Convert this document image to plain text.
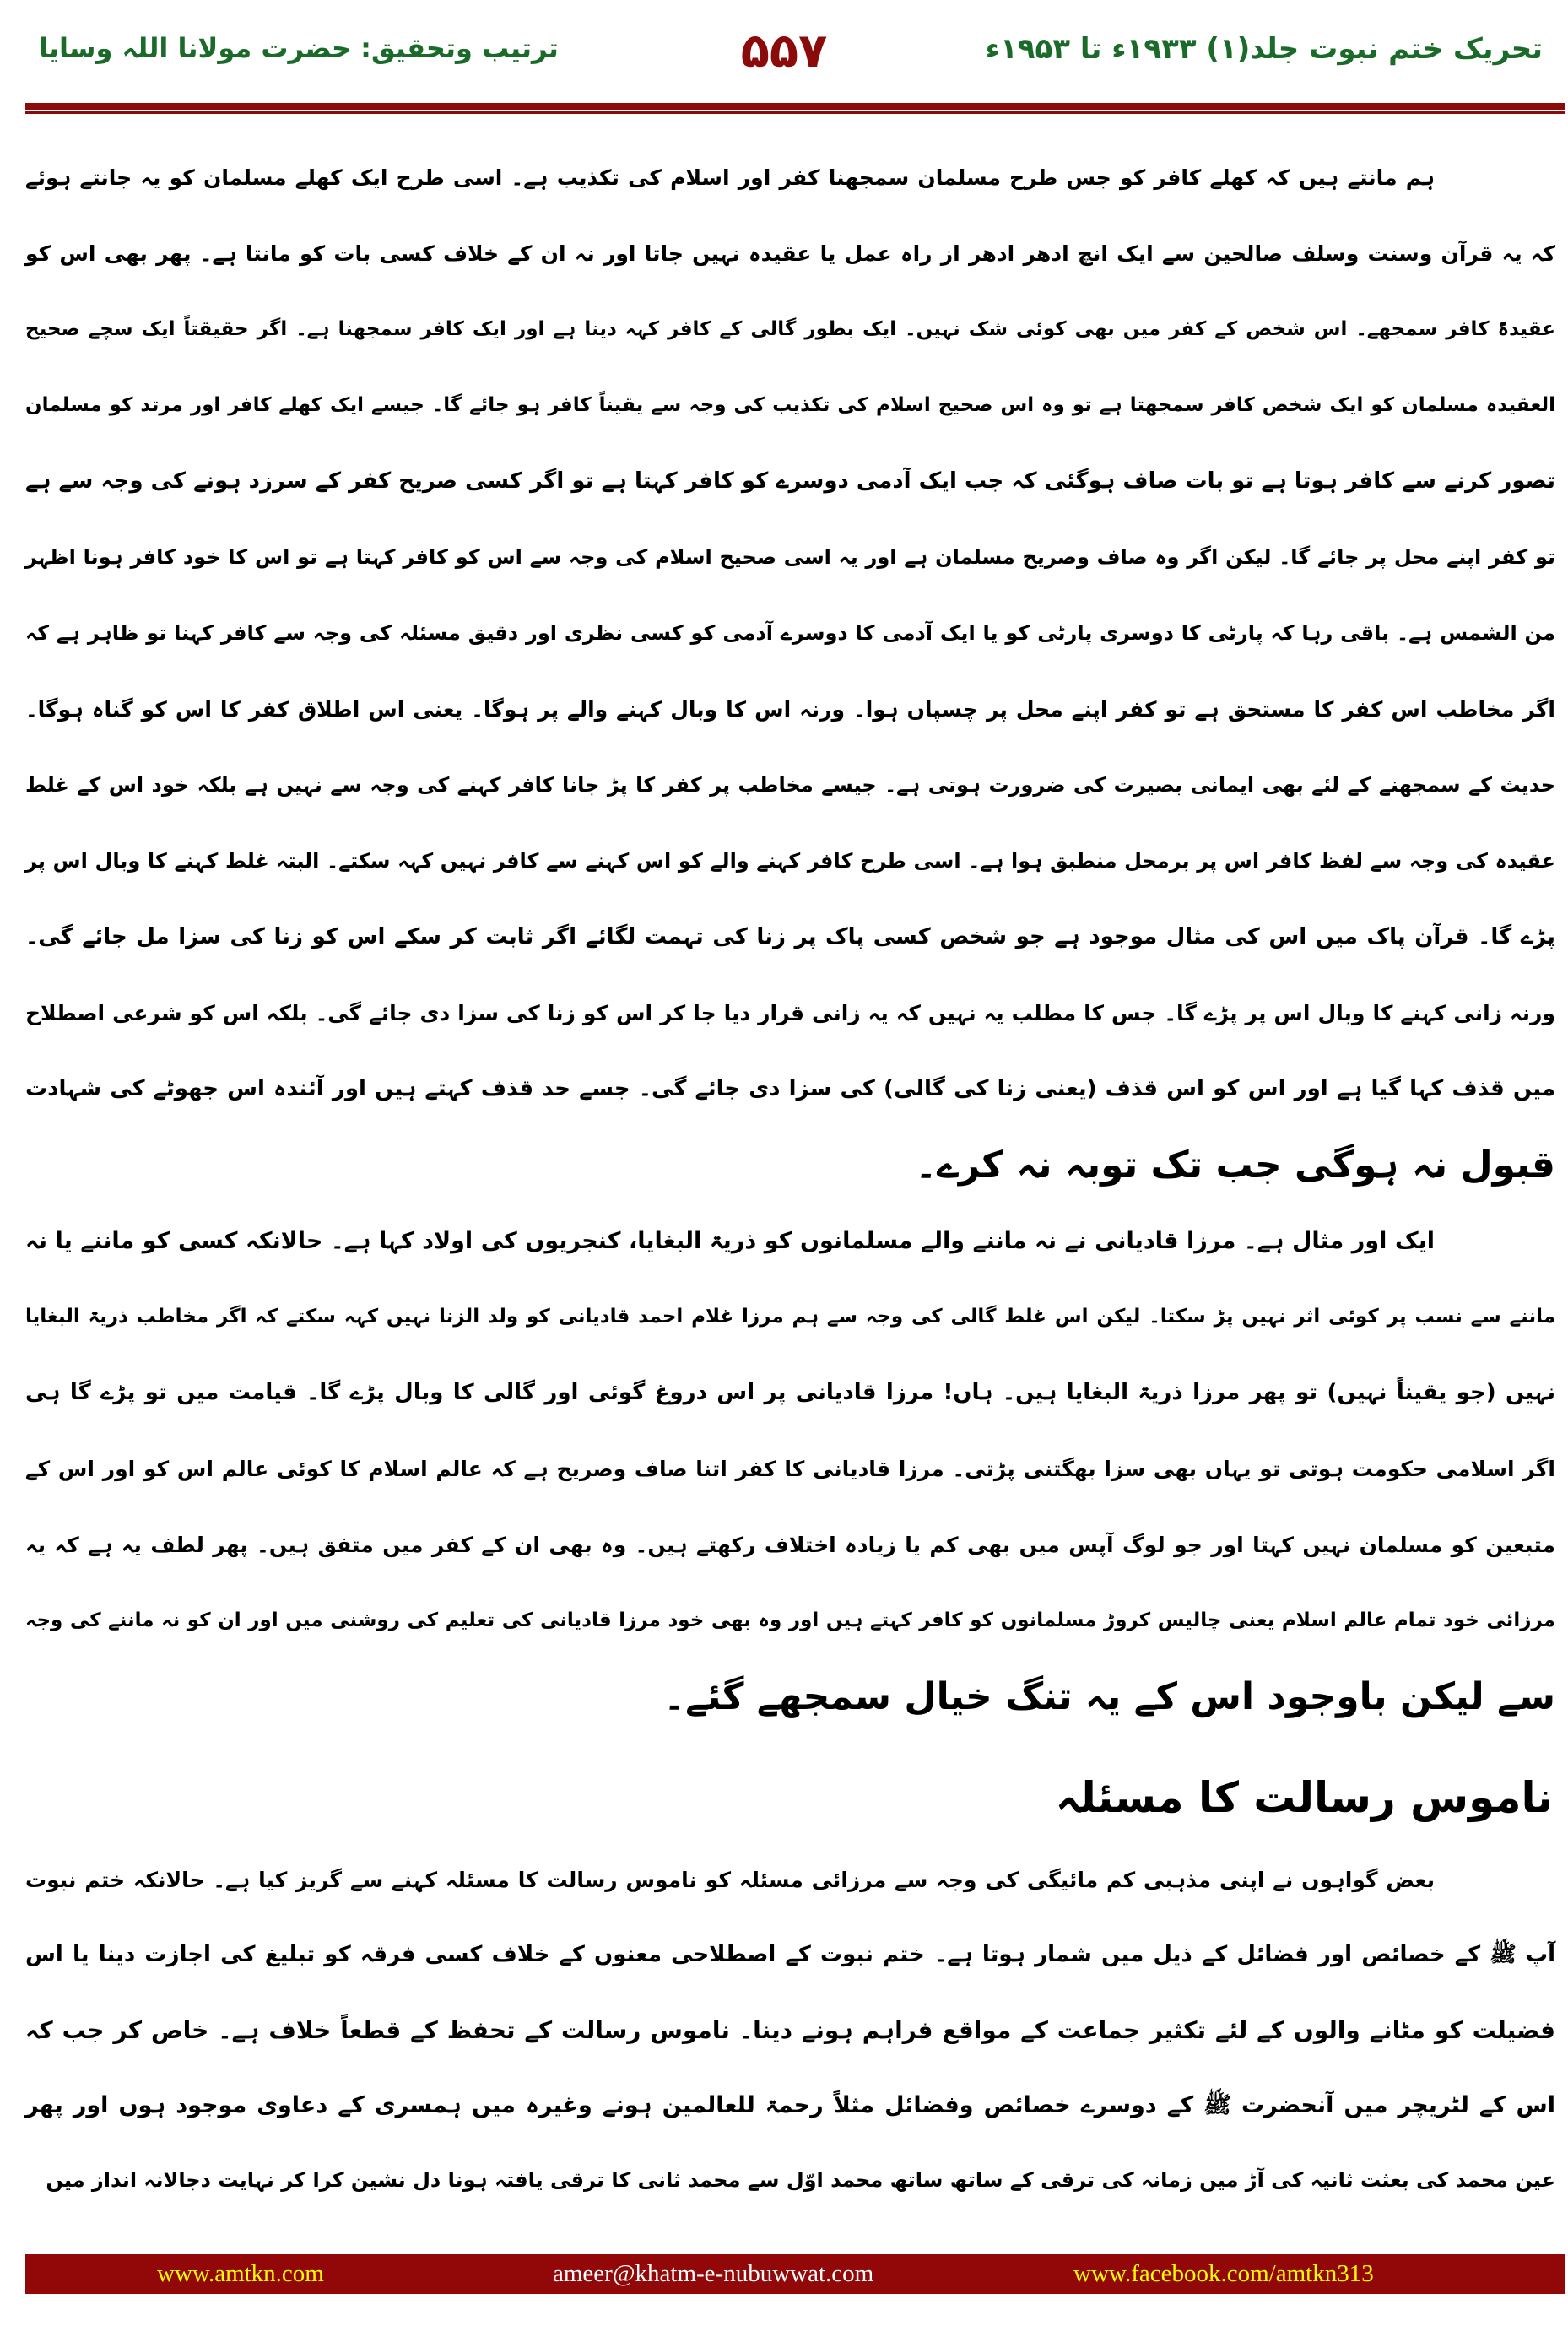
تحریک ختم نبوت جلد(۱) ۱۹۳۳ء تا ۱۹۵۳ء
۵۵۷
ترتیب وتحقیق: حضرت مولانا اللہ وسایا
ہم مانتے ہیں کہ کھلے کافر کو جس طرح مسلمان سمجھنا کفر اور اسلام کی تکذیب ہے۔ اسی طرح ایک کھلے مسلمان کو یہ جانتے ہوئے
کہ یہ قرآن وسنت وسلف صالحین سے ایک انچ ادھر ادھر از راہ عمل یا عقیدہ نہیں جاتا اور نہ ان کے خلاف کسی بات کو مانتا ہے۔ پھر بھی اس کو
عقیدۃً کافر سمجھے۔ اس شخص کے کفر میں بھی کوئی شک نہیں۔ ایک بطور گالی کے کافر کہہ دینا ہے اور ایک کافر سمجھنا ہے۔ اگر حقیقتاً ایک سچے صحیح
العقیدہ مسلمان کو ایک شخص کافر سمجھتا ہے تو وہ اس صحیح اسلام کی تکذیب کی وجہ سے یقیناً کافر ہو جائے گا۔ جیسے ایک کھلے کافر اور مرتد کو مسلمان
تصور کرنے سے کافر ہوتا ہے تو بات صاف ہوگئی کہ جب ایک آدمی دوسرے کو کافر کہتا ہے تو اگر کسی صریح کفر کے سرزد ہونے کی وجہ سے ہے
تو کفر اپنے محل پر جائے گا۔ لیکن اگر وہ صاف وصریح مسلمان ہے اور یہ اسی صحیح اسلام کی وجہ سے اس کو کافر کہتا ہے تو اس کا خود کافر ہونا اظہر
من الشمس ہے۔ باقی رہا کہ پارٹی کا دوسری پارٹی کو یا ایک آدمی کا دوسرے آدمی کو کسی نظری اور دقیق مسئلہ کی وجہ سے کافر کہنا تو ظاہر ہے کہ
اگر مخاطب اس کفر کا مستحق ہے تو کفر اپنے محل پر چسپاں ہوا۔ ورنہ اس کا وبال کہنے والے پر ہوگا۔ یعنی اس اطلاق کفر کا اس کو گناہ ہوگا۔
حدیث کے سمجھنے کے لئے بھی ایمانی بصیرت کی ضرورت ہوتی ہے۔ جیسے مخاطب پر کفر کا پڑ جانا کافر کہنے کی وجہ سے نہیں ہے بلکہ خود اس کے غلط
عقیدہ کی وجہ سے لفظ کافر اس پر برمحل منطبق ہوا ہے۔ اسی طرح کافر کہنے والے کو اس کہنے سے کافر نہیں کہہ سکتے۔ البتہ غلط کہنے کا وبال اس پر
پڑے گا۔ قرآن پاک میں اس کی مثال موجود ہے جو شخص کسی پاک پر زنا کی تہمت لگائے اگر ثابت کر سکے اس کو زنا کی سزا مل جائے گی۔
ورنہ زانی کہنے کا وبال اس پر پڑے گا۔ جس کا مطلب یہ نہیں کہ یہ زانی قرار دیا جا کر اس کو زنا کی سزا دی جائے گی۔ بلکہ اس کو شرعی اصطلاح
میں قذف کہا گیا ہے اور اس کو اس قذف (یعنی زنا کی گالی) کی سزا دی جائے گی۔ جسے حد قذف کہتے ہیں اور آئندہ اس جھوٹے کی شہادت
قبول نہ ہوگی جب تک توبہ نہ کرے۔
ایک اور مثال ہے۔ مرزا قادیانی نے نہ ماننے والے مسلمانوں کو ذریۃ البغایا، کنجریوں کی اولاد کہا ہے۔ حالانکہ کسی کو ماننے یا نہ
ماننے سے نسب پر کوئی اثر نہیں پڑ سکتا۔ لیکن اس غلط گالی کی وجہ سے ہم مرزا غلام احمد قادیانی کو ولد الزنا نہیں کہہ سکتے کہ اگر مخاطب ذریۃ البغایا
نہیں (جو یقیناً نہیں) تو پھر مرزا ذریۃ البغایا ہیں۔ ہاں! مرزا قادیانی پر اس دروغ گوئی اور گالی کا وبال پڑے گا۔ قیامت میں تو پڑے گا ہی
اگر اسلامی حکومت ہوتی تو یہاں بھی سزا بھگتنی پڑتی۔ مرزا قادیانی کا کفر اتنا صاف وصریح ہے کہ عالم اسلام کا کوئی عالم اس کو اور اس کے
متبعین کو مسلمان نہیں کہتا اور جو لوگ آپس میں بھی کم یا زیادہ اختلاف رکھتے ہیں۔ وہ بھی ان کے کفر میں متفق ہیں۔ پھر لطف یہ ہے کہ یہ
مرزائی خود تمام عالم اسلام یعنی چالیس کروڑ مسلمانوں کو کافر کہتے ہیں اور وہ بھی خود مرزا قادیانی کی تعلیم کی روشنی میں اور ان کو نہ ماننے کی وجہ
سے لیکن باوجود اس کے یہ تنگ خیال سمجھے گئے۔
بعض گواہوں نے اپنی مذہبی کم مائیگی کی وجہ سے مرزائی مسئلہ کو ناموس رسالت کا مسئلہ کہنے سے گریز کیا ہے۔ حالانکہ ختم نبوت
آپ ﷺ کے خصائص اور فضائل کے ذیل میں شمار ہوتا ہے۔ ختم نبوت کے اصطلاحی معنوں کے خلاف کسی فرقہ کو تبلیغ کی اجازت دینا یا اس
فضیلت کو مٹانے والوں کے لئے تکثیر جماعت کے مواقع فراہم ہونے دینا۔ ناموس رسالت کے تحفظ کے قطعاً خلاف ہے۔ خاص کر جب کہ
اس کے لٹریچر میں آنحضرت ﷺ کے دوسرے خصائص وفضائل مثلاً رحمۃ للعالمین ہونے وغیرہ میں ہمسری کے دعاوی موجود ہوں اور پھر
عین محمد کی بعثت ثانیہ کی آڑ میں زمانہ کی ترقی کے ساتھ ساتھ محمد اوّل سے محمد ثانی کا ترقی یافتہ ہونا دل نشین کرا کر نہایت دجالانہ انداز میں
ناموس رسالت کا مسئلہ
www.amtkn.com	ameer@khatm-e-nubuwwat.com	www.facebook.com/amtkn313
